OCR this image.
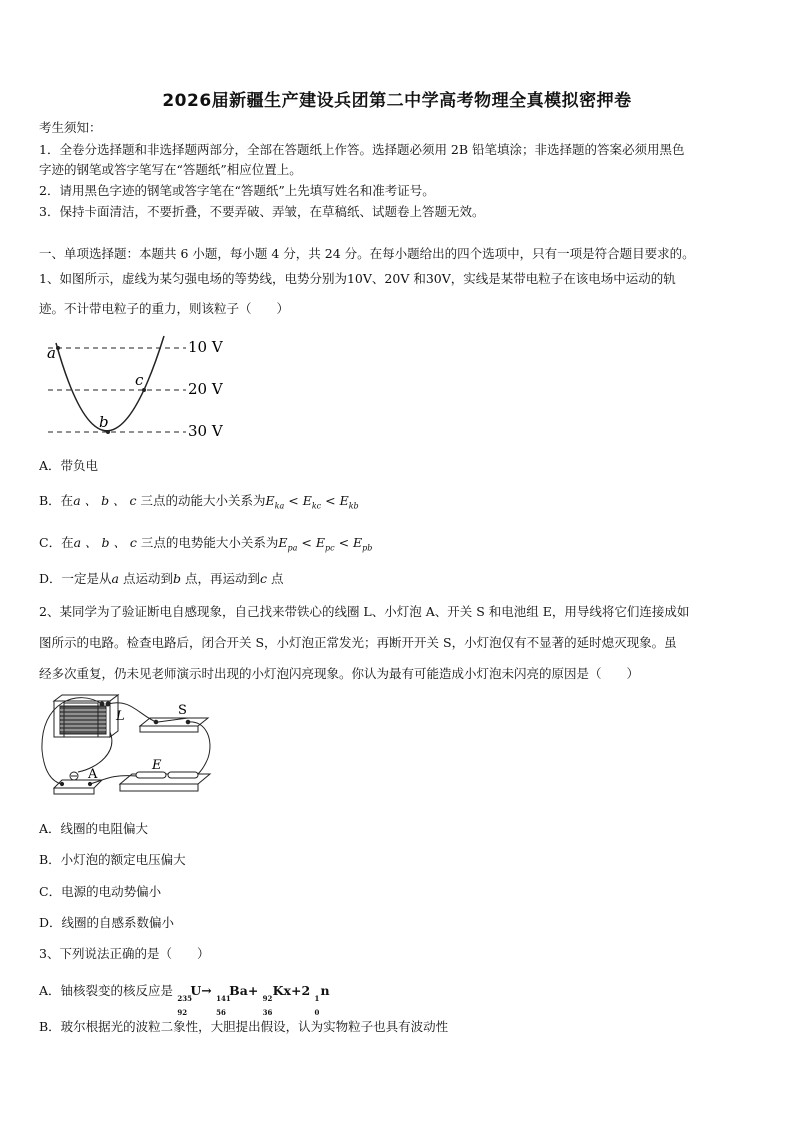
2026届新疆生产建设兵团第二中学高考物理全真模拟密押卷
考生须知：
1．全卷分选择题和非选择题两部分，全部在答题纸上作答。选择题必须用 2B 铅笔填涂；非选择题的答案必须用黑色
字迹的钢笔或答字笔写在“答题纸”相应位置上。
2．请用黑色字迹的钢笔或答字笔在“答题纸”上先填写姓名和准考证号。
3．保持卡面清洁，不要折叠，不要弄破、弄皱，在草稿纸、试题卷上答题无效。
一、单项选择题：本题共 6 小题，每小题 4 分，共 24 分。在每小题给出的四个选项中，只有一项是符合题目要求的。
1、如图所示，虚线为某匀强电场的等势线，电势分别为10V、20V 和30V，实线是某带电粒子在该电场中运动的轨
迹。不计带电粒子的重力，则该粒子（　　）
a
c
b
10 V
20 V
30 V
A．带负电
B．在a 、 b 、 c 三点的动能大小关系为$E_{ka} < E_{kc} < E_{kb}$
C．在a 、 b 、 c 三点的电势能大小关系为$E_{pa} < E_{pc} < E_{pb}$
D．一定是从a 点运动到b 点，再运动到c 点
2、某同学为了验证断电自感现象，自己找来带铁心的线圈 L、小灯泡 A、开关 S 和电池组 E，用导线将它们连接成如
图所示的电路。检查电路后，闭合开关 S，小灯泡正常发光；再断开开关 S，小灯泡仅有不显著的延时熄灭现象。虽
经多次重复，仍未见老师演示时出现的小灯泡闪亮现象。你认为最有可能造成小灯泡未闪亮的原因是（　　）
L	S
E
A
A．线圈的电阻偏大
B．小灯泡的额定电压偏大
C．电源的电动势偏小
D．线圈的自感系数偏小
3、下列说法正确的是（　　）
A．铀核裂变的核反应是
235
92
U→
141
56
Ba+
92
36
Kx+2
1
0
n
B．玻尔根据光的波粒二象性，大胆提出假设，认为实物粒子也具有波动性
